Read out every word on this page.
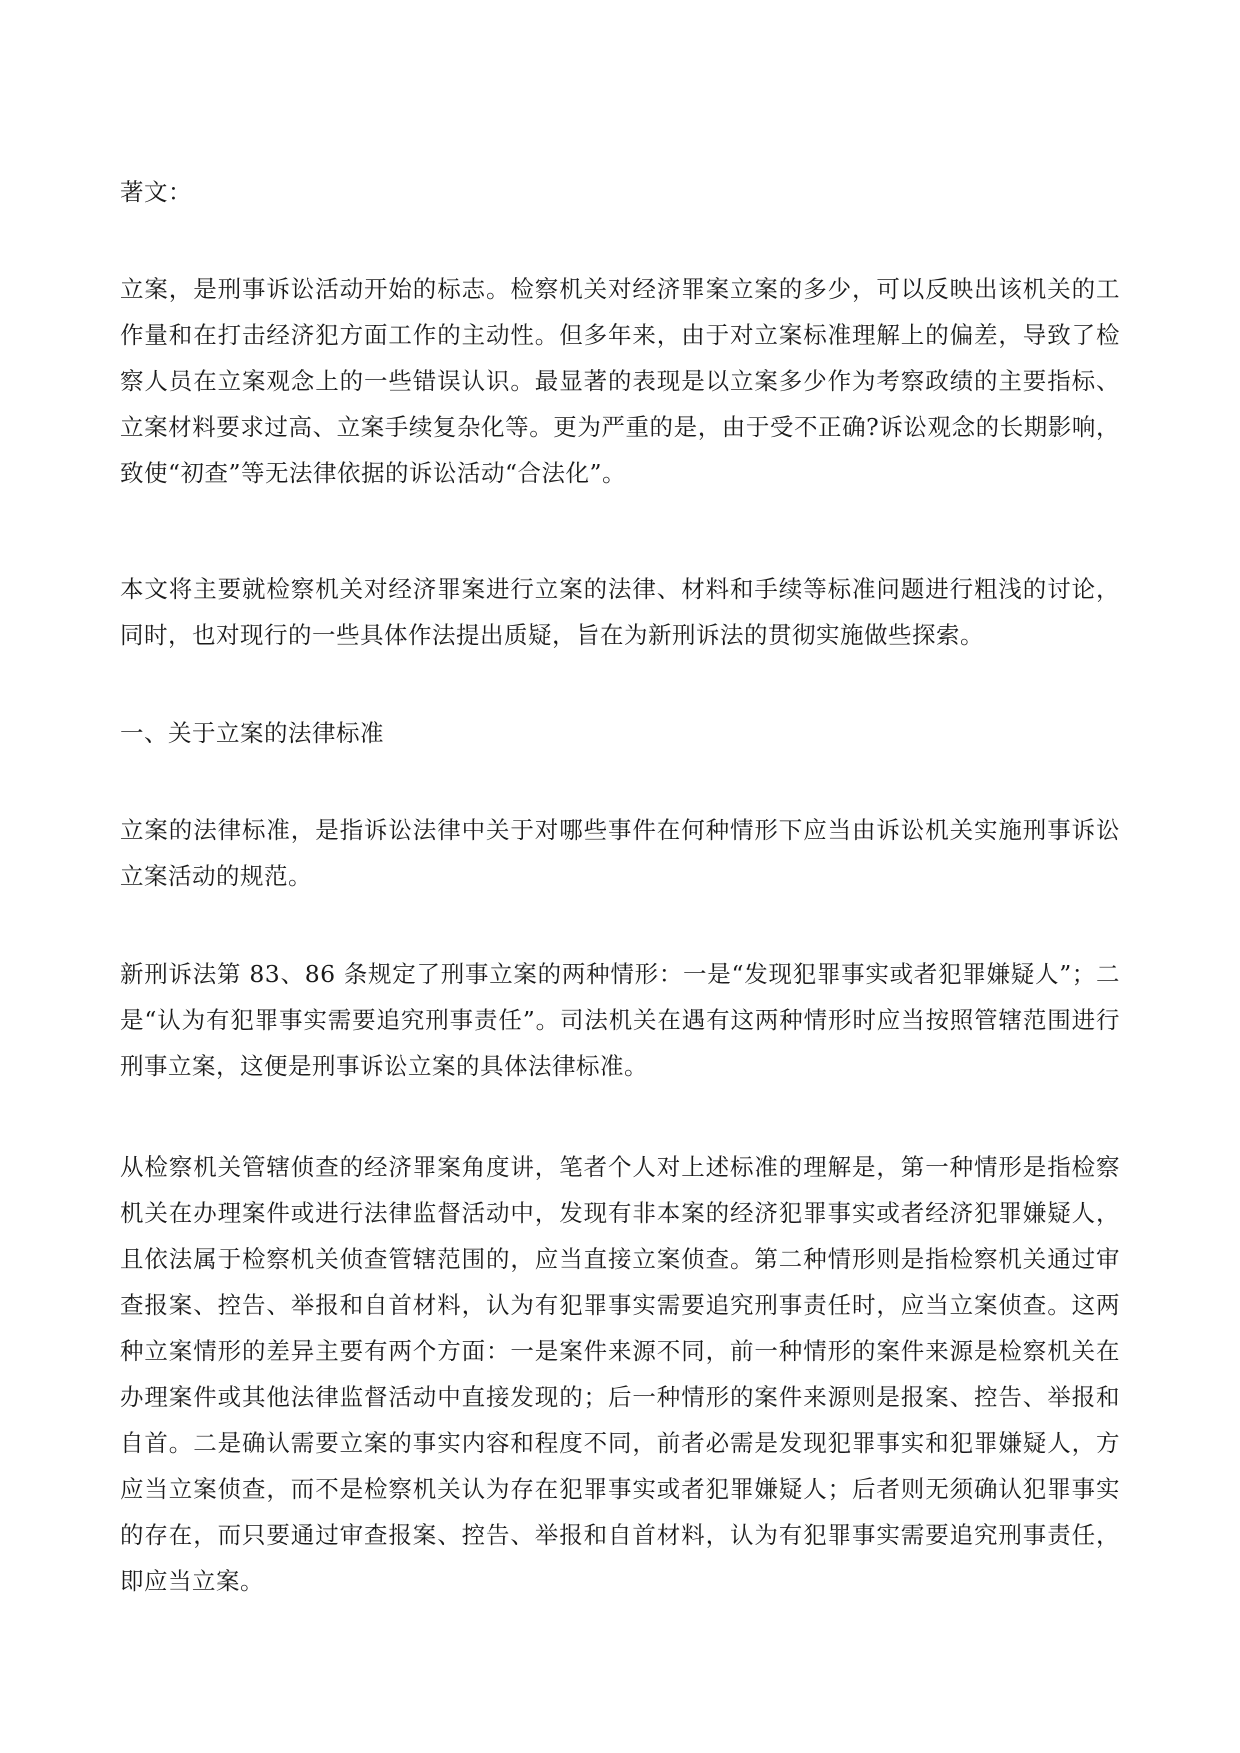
著文：

立案，是刑事诉讼活动开始的标志。检察机关对经济罪案立案的多少，可以反映出该机关的工作量和在打击经济犯方面工作的主动性。但多年来，由于对立案标准理解上的偏差，导致了检察人员在立案观念上的一些错误认识。最显著的表现是以立案多少作为考察政绩的主要指标、立案材料要求过高、立案手续复杂化等。更为严重的是，由于受不正确?诉讼观念的长期影响，致使“初查”等无法律依据的诉讼活动“合法化”。

本文将主要就检察机关对经济罪案进行立案的法律、材料和手续等标准问题进行粗浅的讨论，同时，也对现行的一些具体作法提出质疑，旨在为新刑诉法的贯彻实施做些探索。

一、关于立案的法律标准

立案的法律标准，是指诉讼法律中关于对哪些事件在何种情形下应当由诉讼机关实施刑事诉讼立案活动的规范。

新刑诉法第 83、86 条规定了刑事立案的两种情形：一是“发现犯罪事实或者犯罪嫌疑人”；二是“认为有犯罪事实需要追究刑事责任”。司法机关在遇有这两种情形时应当按照管辖范围进行刑事立案，这便是刑事诉讼立案的具体法律标准。

从检察机关管辖侦查的经济罪案角度讲，笔者个人对上述标准的理解是，第一种情形是指检察机关在办理案件或进行法律监督活动中，发现有非本案的经济犯罪事实或者经济犯罪嫌疑人，且依法属于检察机关侦查管辖范围的，应当直接立案侦查。第二种情形则是指检察机关通过审查报案、控告、举报和自首材料，认为有犯罪事实需要追究刑事责任时，应当立案侦查。这两种立案情形的差异主要有两个方面：一是案件来源不同，前一种情形的案件来源是检察机关在办理案件或其他法律监督活动中直接发现的；后一种情形的案件来源则是报案、控告、举报和自首。二是确认需要立案的事实内容和程度不同，前者必需是发现犯罪事实和犯罪嫌疑人，方应当立案侦查，而不是检察机关认为存在犯罪事实或者犯罪嫌疑人；后者则无须确认犯罪事实的存在，而只要通过审查报案、控告、举报和自首材料，认为有犯罪事实需要追究刑事责任，即应当立案。
